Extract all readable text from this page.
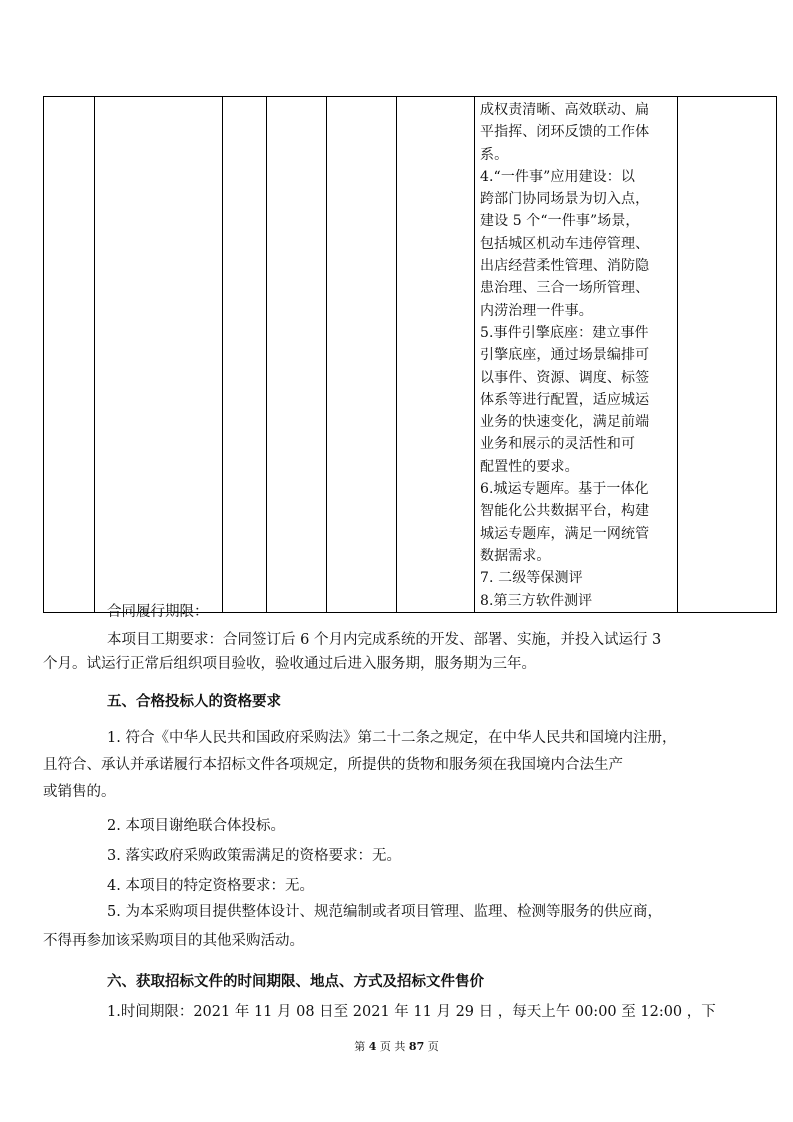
成权责清晰、高效联动、扁
平指挥、闭环反馈的工作体
系。
4.“一件事”应用建设：以
跨部门协同场景为切入点，
建设 5 个“一件事”场景，
包括城区机动车违停管理、
出店经营柔性管理、消防隐
患治理、三合一场所管理、
内涝治理一件事。
5.事件引擎底座：建立事件
引擎底座，通过场景编排可
以事件、资源、调度、标签
体系等进行配置，适应城运
业务的快速变化，满足前端
业务和展示的灵活性和可
配置性的要求。
6.城运专题库。基于一体化
智能化公共数据平台，构建
城运专题库，满足一网统管
数据需求。
7. 二级等保测评
8.第三方软件测评

合同履行期限：
本项目工期要求：合同签订后 6 个月内完成系统的开发、部署、实施，并投入试运行 3
个月。试运行正常后组织项目验收，验收通过后进入服务期，服务期为三年。
五、合格投标人的资格要求
1. 符合《中华人民共和国政府采购法》第二十二条之规定，在中华人民共和国境内注册，
且符合、承认并承诺履行本招标文件各项规定，所提供的货物和服务须在我国境内合法生产
或销售的。
2. 本项目谢绝联合体投标。
3. 落实政府采购政策需满足的资格要求：无。
4. 本项目的特定资格要求：无。
5. 为本采购项目提供整体设计、规范编制或者项目管理、监理、检测等服务的供应商，
不得再参加该采购项目的其他采购活动。
六、获取招标文件的时间期限、地点、方式及招标文件售价
1.时间期限：2021 年 11 月 08 日至 2021 年 11 月 29 日 ，每天上午 00:00 至 12:00 ，下
第 4 页 共 87 页
